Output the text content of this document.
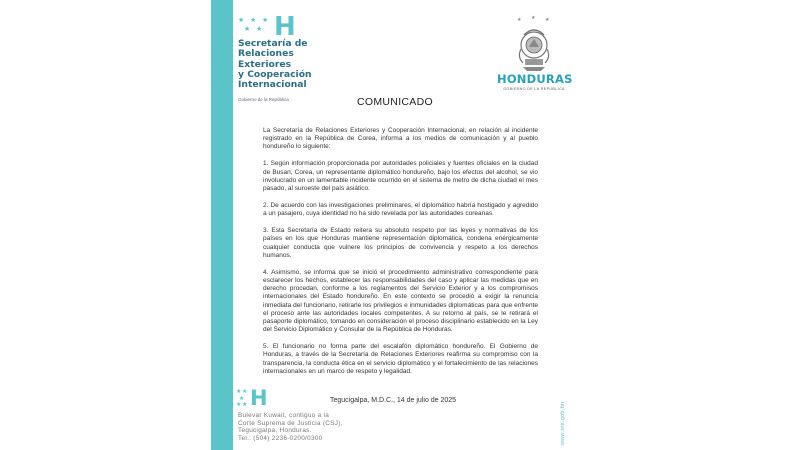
★ ★ ★
★ ★ H
Secretaría de
Relaciones
Exteriores
y Cooperación
Internacional
Gobierno de la República
★ ★ ★
HONDURAS
GOBIERNO DE LA REPÚBLICA
COMUNICADO

La Secretaría de Relaciones Exteriores y Cooperación Internacional, en relación al incidente registrado en la República de Corea, informa a los medios de comunicación y al pueblo hondureño lo siguiente:

1. Según información proporcionada por autoridades policiales y fuentes oficiales en la ciudad de Busan, Corea, un representante diplomático hondureño, bajo los efectos del alcohol, se vio involucrado en un lamentable incidente ocurrido en el sistema de metro de dicha ciudad el mes pasado, al suroeste del país asiático.

2. De acuerdo con las investigaciones preliminares, el diplomático habría hostigado y agredido a un pasajero, cuya identidad no ha sido revelada por las autoridades coreanas.

3. Esta Secretaría de Estado reitera su absoluto respeto por las leyes y normativas de los países en los que Honduras mantiene representación diplomática, condena enérgicamente cualquier conducta que vulnere los principios de convivencia y respeto a los derechos humanos.

4. Asimismo, se informa que se inició el procedimiento administrativo correspondiente para esclarecer los hechos, establecer las responsabilidades del caso y aplicar las medidas que en derecho procedan, conforme a los reglamentos del Servicio Exterior y a los compromisos internacionales del Estado hondureño. En este contexto se procedió a exigir la renuncia inmediata del funcionario, retirarle los privilegios e inmunidades diplomáticas para que enfrente el proceso ante las autoridades locales competentes. A su retorno al país, se le retirará el pasaporte diplomático, tomando en consideración el proceso disciplinario establecido en la Ley del Servicio Diplomático y Consular de la República de Honduras.

5. El funcionario no forma parte del escalafón diplomático hondureño. El Gobierno de Honduras, a través de la Secretaría de Relaciones Exteriores reafirma su compromiso con la transparencia, la conducta ética en el servicio diplomático y el fortalecimiento de las relaciones internacionales en un marco de respeto y legalidad.

Tegucigalpa, M.D.C., 14 de julio de 2025
★ ★
★
★ ★ H
Bulevar Kuwait, contiguo a la
Corte Suprema de Justicia (CSJ),
Tegucigalpa, Honduras.
Tel.: (504) 2236-0200/0300	www.sre.gob.hn
